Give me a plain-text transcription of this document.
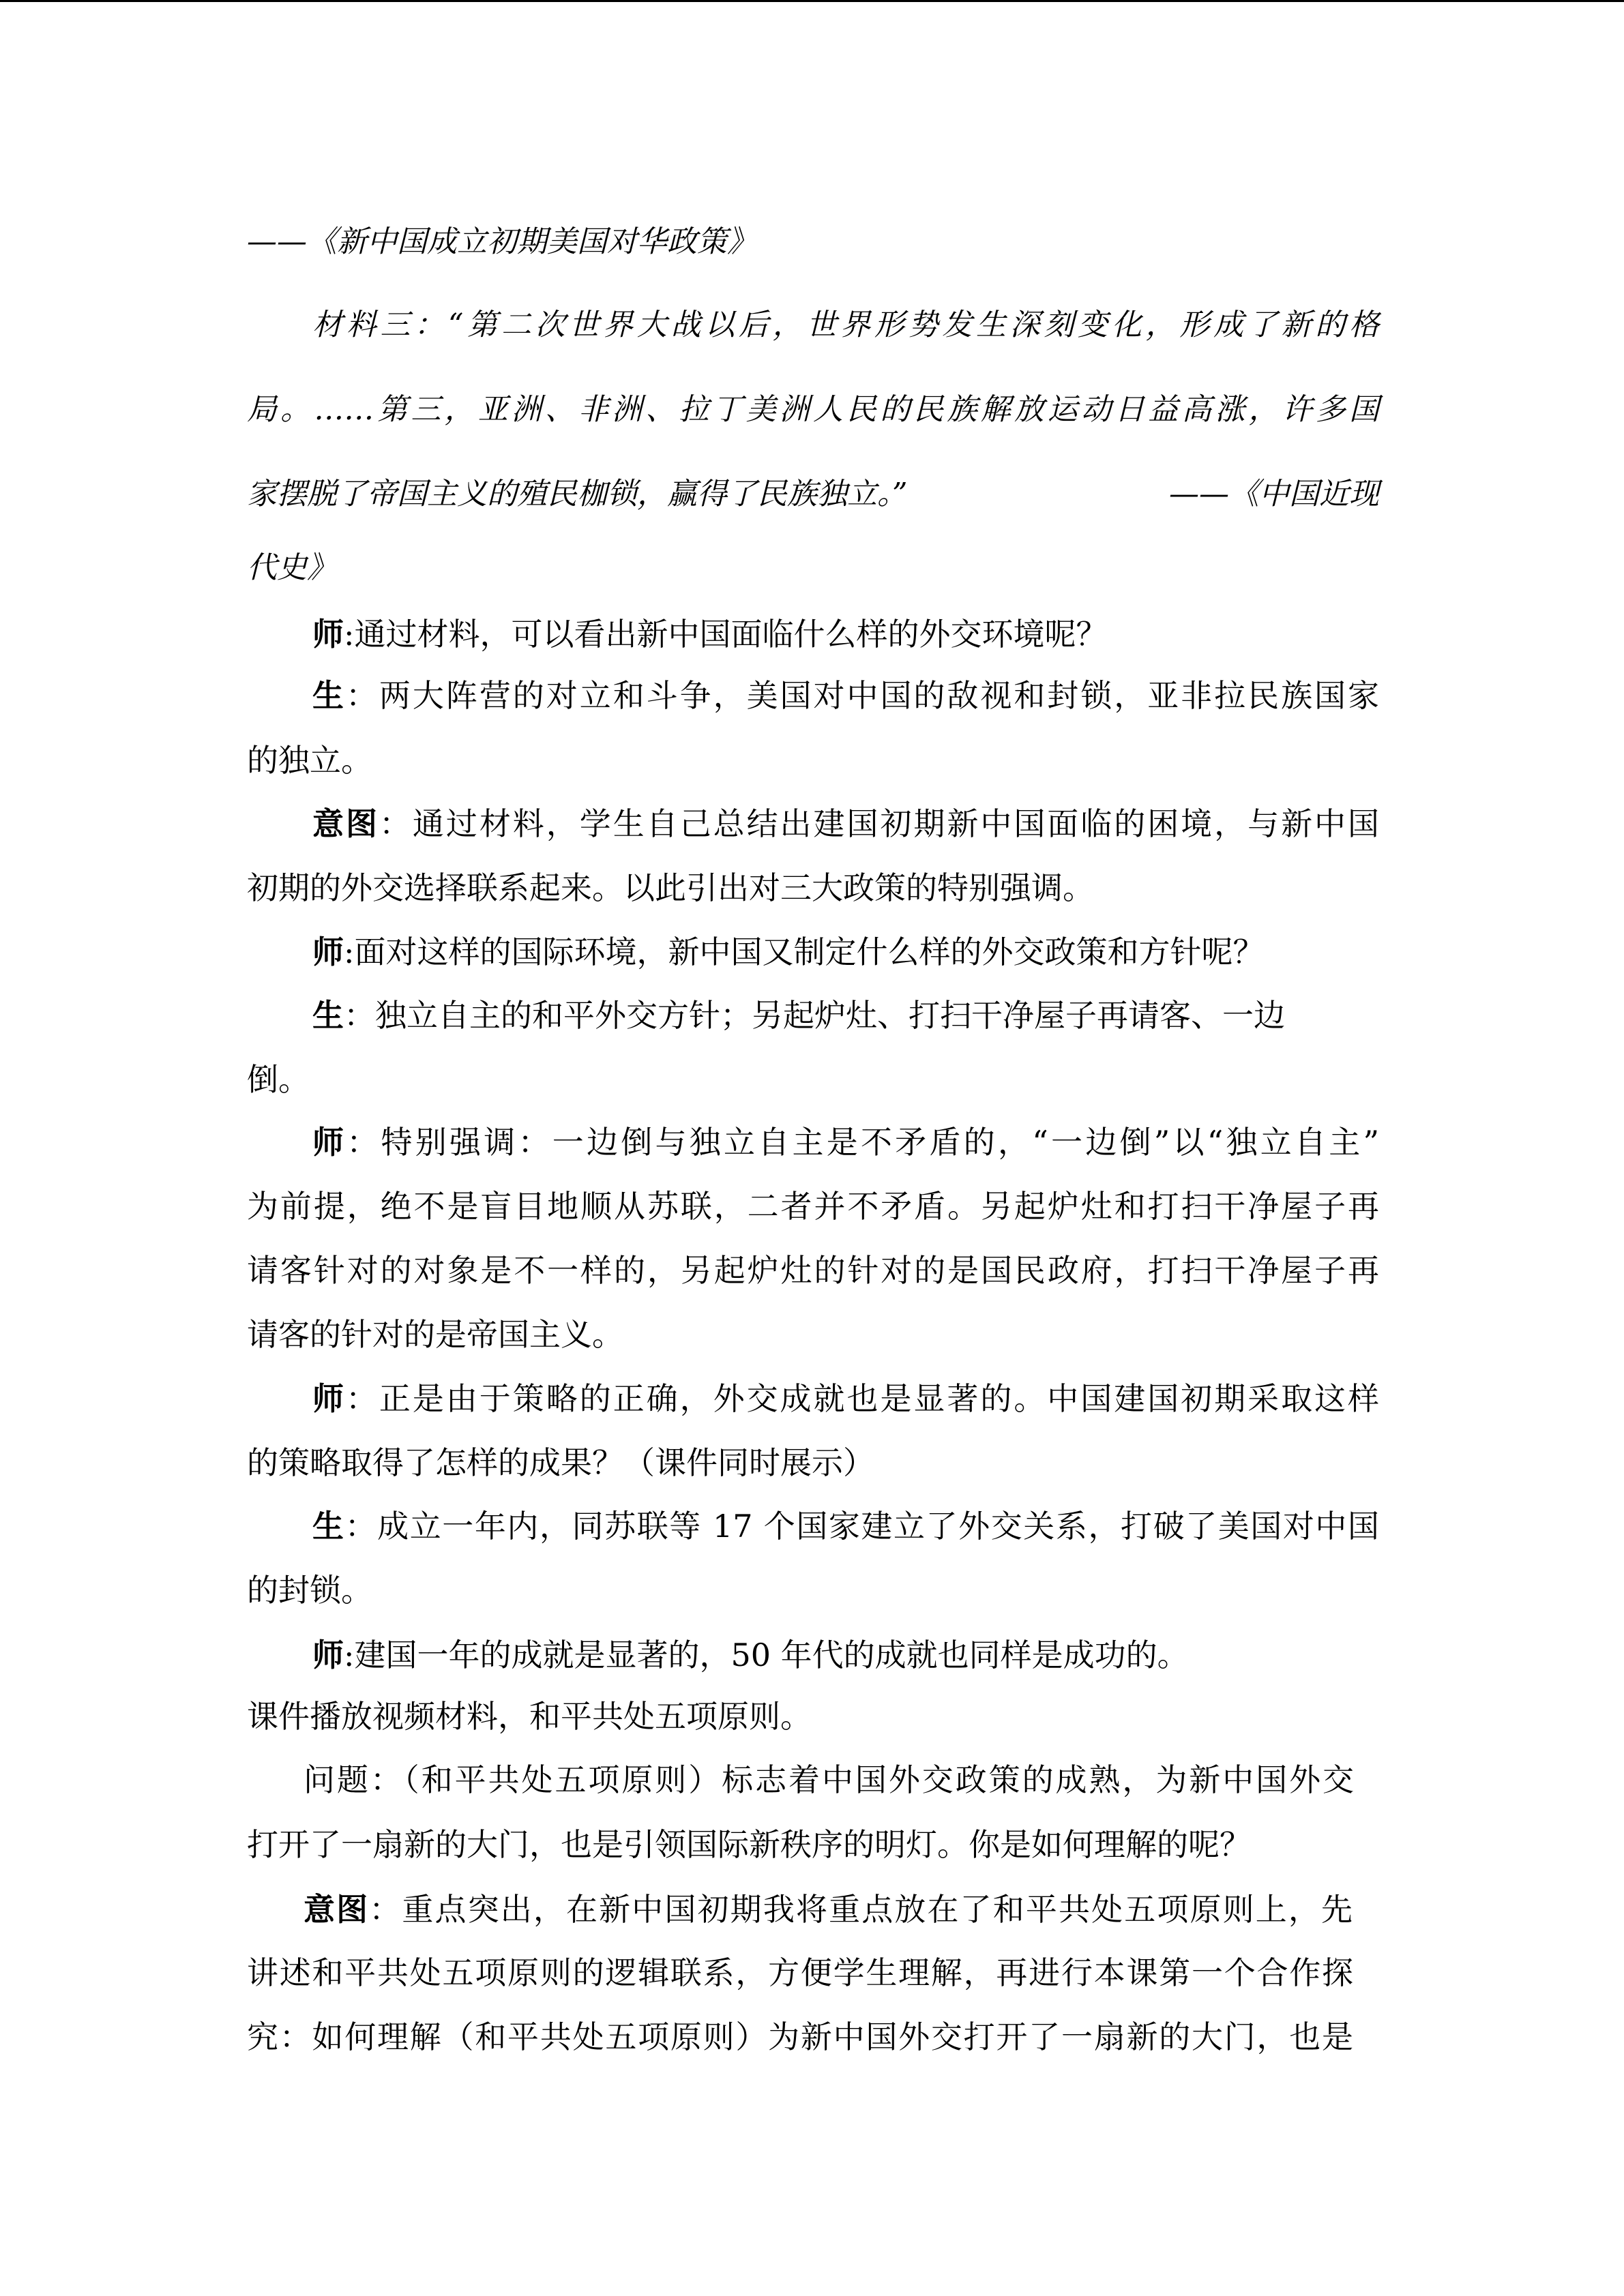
——《新中国成立初期美国对华政策》
材料三：“第二次世界大战以后，世界形势发生深刻变化，形成了新的格
局。……第三，亚洲、非洲、拉丁美洲人民的民族解放运动日益高涨，许多国
家摆脱了帝国主义的殖民枷锁，赢得了民族独立。”	——《中国近现
代史》
师:通过材料，可以看出新中国面临什么样的外交环境呢？
生：两大阵营的对立和斗争，美国对中国的敌视和封锁，亚非拉民族国家
的独立。
意图：通过材料，学生自己总结出建国初期新中国面临的困境，与新中国
初期的外交选择联系起来。以此引出对三大政策的特别强调。
师:面对这样的国际环境，新中国又制定什么样的外交政策和方针呢？
生：独立自主的和平外交方针；另起炉灶、打扫干净屋子再请客、一边
倒。
师：特别强调：一边倒与独立自主是不矛盾的，“一边倒”以“独立自主”
为前提，绝不是盲目地顺从苏联，二者并不矛盾。另起炉灶和打扫干净屋子再
请客针对的对象是不一样的，另起炉灶的针对的是国民政府，打扫干净屋子再
请客的针对的是帝国主义。
师：正是由于策略的正确，外交成就也是显著的。中国建国初期采取这样
的策略取得了怎样的成果？（课件同时展示）
生：成立一年内，同苏联等 17 个国家建立了外交关系，打破了美国对中国
的封锁。
师:建国一年的成就是显著的，50 年代的成就也同样是成功的。
课件播放视频材料，和平共处五项原则。
问题：（和平共处五项原则）标志着中国外交政策的成熟，为新中国外交
打开了一扇新的大门，也是引领国际新秩序的明灯。你是如何理解的呢？
意图：重点突出，在新中国初期我将重点放在了和平共处五项原则上，先
讲述和平共处五项原则的逻辑联系，方便学生理解，再进行本课第一个合作探
究：如何理解（和平共处五项原则）为新中国外交打开了一扇新的大门，也是
